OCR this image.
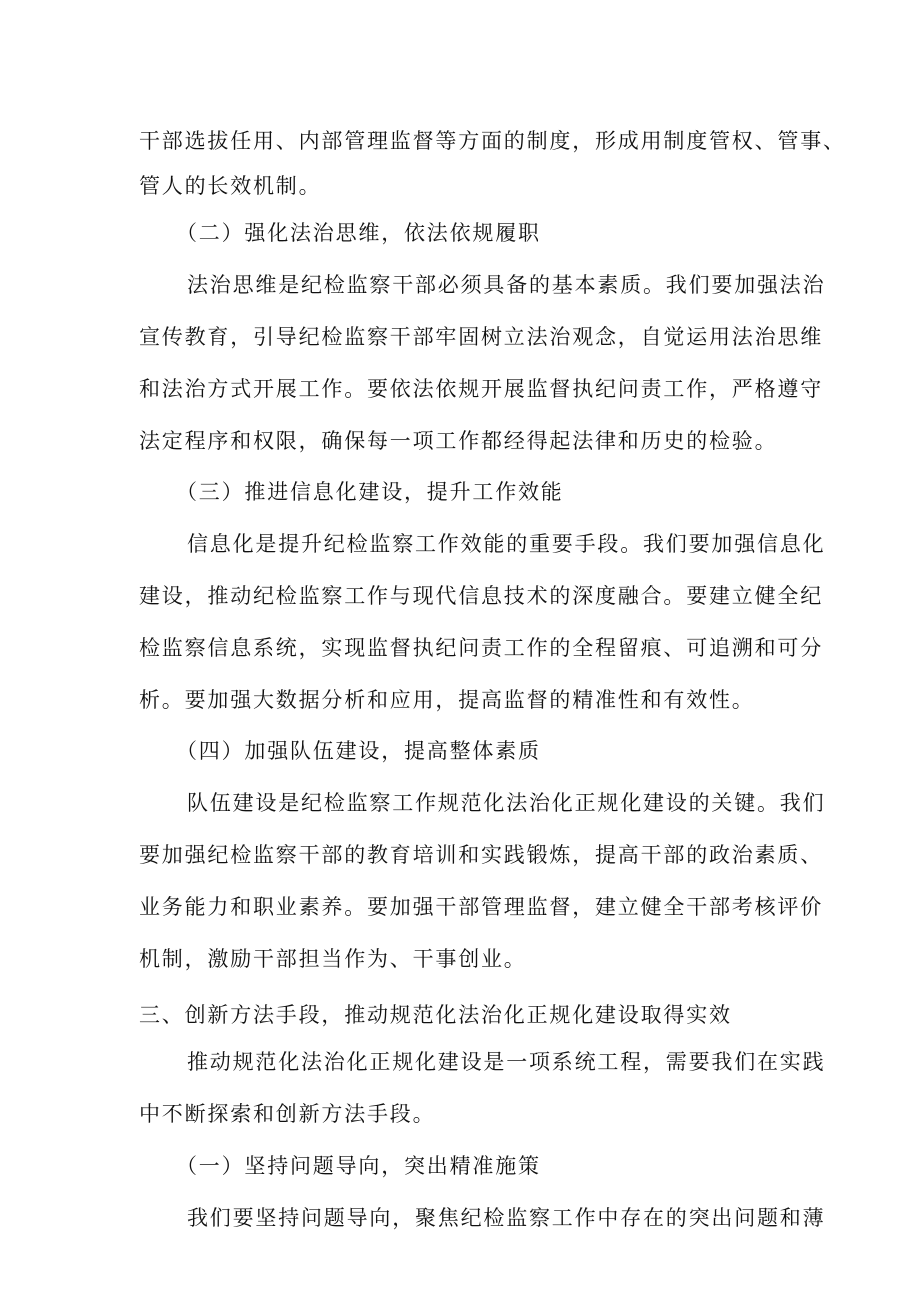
干部选拔任用、内部管理监督等方面的制度，形成用制度管权、管事、
管人的长效机制。
（二）强化法治思维，依法依规履职
法治思维是纪检监察干部必须具备的基本素质。我们要加强法治
宣传教育，引导纪检监察干部牢固树立法治观念，自觉运用法治思维
和法治方式开展工作。要依法依规开展监督执纪问责工作，严格遵守
法定程序和权限，确保每一项工作都经得起法律和历史的检验。
（三）推进信息化建设，提升工作效能
信息化是提升纪检监察工作效能的重要手段。我们要加强信息化
建设，推动纪检监察工作与现代信息技术的深度融合。要建立健全纪
检监察信息系统，实现监督执纪问责工作的全程留痕、可追溯和可分
析。要加强大数据分析和应用，提高监督的精准性和有效性。
（四）加强队伍建设，提高整体素质
队伍建设是纪检监察工作规范化法治化正规化建设的关键。我们
要加强纪检监察干部的教育培训和实践锻炼，提高干部的政治素质、
业务能力和职业素养。要加强干部管理监督，建立健全干部考核评价
机制，激励干部担当作为、干事创业。
三、创新方法手段，推动规范化法治化正规化建设取得实效
推动规范化法治化正规化建设是一项系统工程，需要我们在实践
中不断探索和创新方法手段。
（一）坚持问题导向，突出精准施策
我们要坚持问题导向，聚焦纪检监察工作中存在的突出问题和薄
